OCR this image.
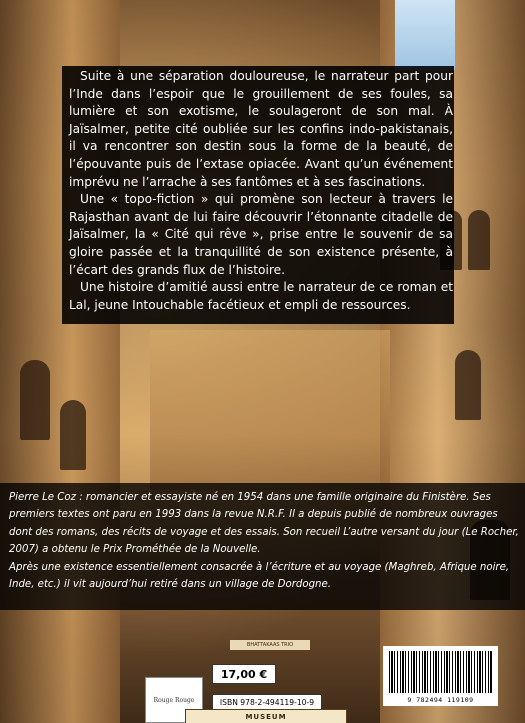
Suite à une séparation douloureuse, le narrateur part pour l’Inde dans l’espoir que le grouillement de ses foules, sa lumière et son exotisme, le soulageront de son mal. À Jaïsalmer, petite cité oubliée sur les confins indo-pakistanais, il va rencontrer son destin sous la forme de la beauté, de l’épouvante puis de l’extase opiacée. Avant qu’un événement imprévu ne l’arrache à ses fantômes et à ses fascinations.

Une « topo-fiction » qui promène son lecteur à travers le Rajasthan avant de lui faire découvrir l’étonnante citadelle de Jaïsalmer, la « Cité qui rêve », prise entre le souvenir de sa gloire passée et la tranquillité de son existence présente, à l’écart des grands flux de l’histoire.

Une histoire d’amitié aussi entre le narrateur de ce roman et Lal, jeune Intouchable facétieux et empli de ressources.

Pierre Le Coz : romancier et essayiste né en 1954 dans une famille originaire du Finistère. Ses premiers textes ont paru en 1993 dans la revue N.R.F. Il a depuis publié de nombreux ouvrages dont des romans, des récits de voyage et des essais. Son recueil L’autre versant du jour (Le Rocher, 2007) a obtenu le Prix Prométhée de la Nouvelle.

Après une existence essentiellement consacrée à l’écriture et au voyage (Maghreb, Afrique noire, Inde, etc.) il vit aujourd’hui retiré dans un village de Dordogne.

BHATTAKAAS TRIO
Rouge Rouge
17,00 €
ISBN 978-2-494119-10-9	9 782494 119109
MUSEUM
